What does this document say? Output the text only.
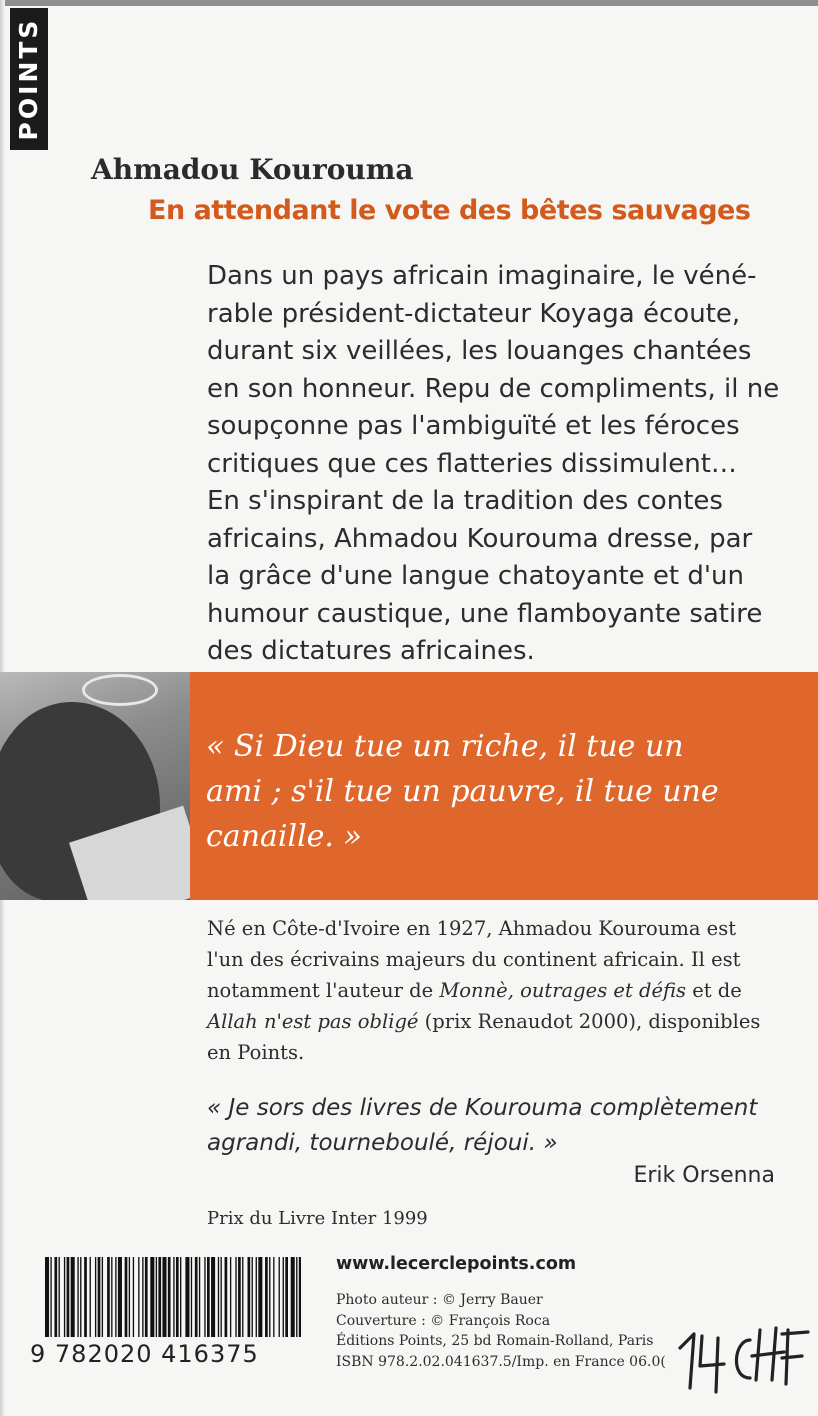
POINTS
Ahmadou Kourouma
En attendant le vote des bêtes sauvages

Dans un pays africain imaginaire, le véné-
rable président-dictateur Koyaga écoute,
durant six veillées, les louanges chantées
en son honneur. Repu de compliments, il ne
soupçonne pas l'ambiguïté et les féroces
critiques que ces flatteries dissimulent…
En s'inspirant de la tradition des contes
africains, Ahmadou Kourouma dresse, par
la grâce d'une langue chatoyante et d'un
humour caustique, une flamboyante satire
des dictatures africaines.

« Si Dieu tue un riche, il tue un
ami ; s'il tue un pauvre, il tue une
canaille. »

Né en Côte-d'Ivoire en 1927, Ahmadou Kourouma est
l'un des écrivains majeurs du continent africain. Il est
notamment l'auteur de Monnè, outrages et défis et de
Allah n'est pas obligé (prix Renaudot 2000), disponibles
en Points.

« Je sors des livres de Kourouma complètement
agrandi, tourneboulé, réjoui. »

Erik Orsenna
Prix du Livre Inter 1999
9 782020 416375
www.lecerclepoints.com

Photo auteur : © Jerry Bauer
Couverture : © François Roca
Éditions Points, 25 bd Romain-Rolland, Paris
ISBN 978.2.02.041637.5/Imp. en France 06.0(
